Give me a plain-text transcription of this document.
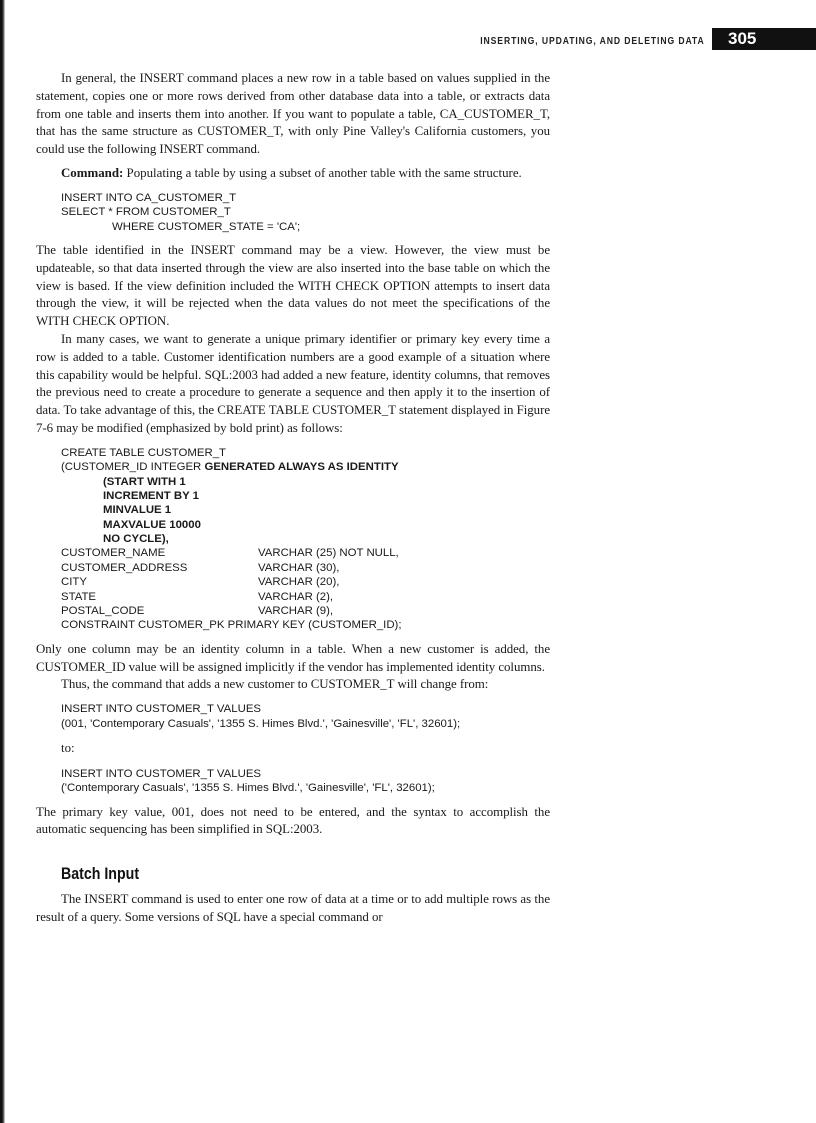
INSERTING, UPDATING, AND DELETING DATA 305

In general, the INSERT command places a new row in a table based on values supplied in the statement, copies one or more rows derived from other database data into a table, or extracts data from one table and inserts them into another. If you want to populate a table, CA_CUSTOMER_T, that has the same structure as CUSTOMER_T, with only Pine Valley's California customers, you could use the following INSERT command.

Command: Populating a table by using a subset of another table with the same structure.
INSERT INTO CA_CUSTOMER_T
SELECT * FROM CUSTOMER_T
WHERE CUSTOMER_STATE = 'CA';

The table identified in the INSERT command may be a view. However, the view must be updateable, so that data inserted through the view are also inserted into the base table on which the view is based. If the view definition included the WITH CHECK OPTION attempts to insert data through the view, it will be rejected when the data values do not meet the specifications of the WITH CHECK OPTION.

In many cases, we want to generate a unique primary identifier or primary key every time a row is added to a table. Customer identification numbers are a good example of a situation where this capability would be helpful. SQL:2003 had added a new feature, identity columns, that removes the previous need to create a procedure to generate a sequence and then apply it to the insertion of data. To take advantage of this, the CREATE TABLE CUSTOMER_T statement displayed in Figure 7-6 may be modified (emphasized by bold print) as follows:

CREATE TABLE CUSTOMER_T
(CUSTOMER_ID INTEGER GENERATED ALWAYS AS IDENTITY
(START WITH 1
INCREMENT BY 1
MINVALUE 1
MAXVALUE 10000
NO CYCLE),
CUSTOMER_NAME	VARCHAR (25) NOT NULL,
CUSTOMER_ADDRESS	VARCHAR (30),
CITY	VARCHAR (20),
STATE	VARCHAR (2),
POSTAL_CODE	VARCHAR (9),
CONSTRAINT CUSTOMER_PK PRIMARY KEY (CUSTOMER_ID);

Only one column may be an identity column in a table. When a new customer is added, the CUSTOMER_ID value will be assigned implicitly if the vendor has implemented identity columns.

Thus, the command that adds a new customer to CUSTOMER_T will change from:

INSERT INTO CUSTOMER_T VALUES
(001, 'Contemporary Casuals', '1355 S. Himes Blvd.', 'Gainesville', 'FL', 32601);
to:
INSERT INTO CUSTOMER_T VALUES
('Contemporary Casuals', '1355 S. Himes Blvd.', 'Gainesville', 'FL', 32601);

The primary key value, 001, does not need to be entered, and the syntax to accomplish the automatic sequencing has been simplified in SQL:2003.

Batch Input

The INSERT command is used to enter one row of data at a time or to add multiple rows as the result of a query. Some versions of SQL have a special command or
